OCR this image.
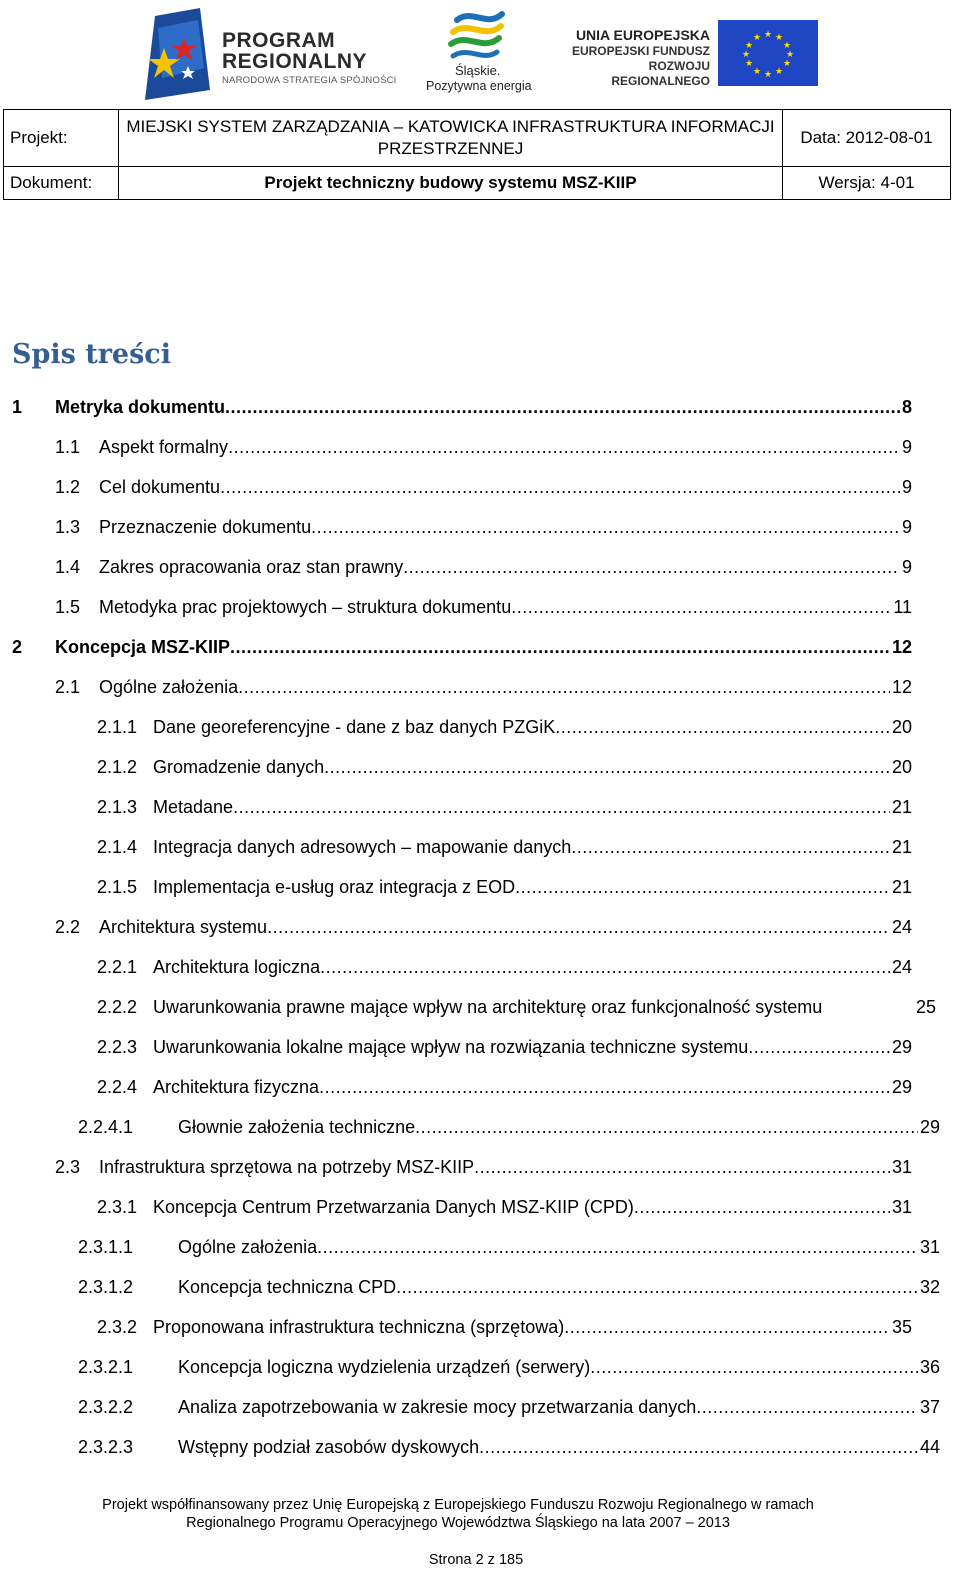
PROGRAM
REGIONALNY
NARODOWA STRATEGIA SPÓJNOŚCI
Śląskie.
Pozytywna energia
UNIA EUROPEJSKA
EUROPEJSKI FUNDUSZ
ROZWOJU REGIONALNEGO
★ ★
★
★
★
★
★
★
★
★
★
★
Projekt:	MIEJSKI SYSTEM ZARZĄDZANIA – KATOWICKA INFRASTRUKTURA INFORMACJI PRZESTRZENNEJ	Data: 2012-08-01
Dokument:	Projekt techniczny budowy systemu MSZ-KIIP	Wersja: 4-01
Spis treści
1 Metryka dokumentu .....	8
1.1 Aspekt formalny .....	9
1.2 Cel dokumentu .....	9
1.3 Przeznaczenie dokumentu .....	9
1.4 Zakres opracowania oraz stan prawny .....	9
1.5 Metodyka prac projektowych – struktura dokumentu .....	11
2 Koncepcja MSZ-KIIP .....	12
2.1 Ogólne założenia .....	12
2.1.1 Dane georeferencyjne - dane z baz danych PZGiK .....	20
2.1.2 Gromadzenie danych .....	20
2.1.3 Metadane .....	21
2.1.4 Integracja danych adresowych – mapowanie danych .....	21
2.1.5 Implementacja e-usług oraz integracja z EOD .....	21
2.2 Architektura systemu .....	24
2.2.1 Architektura logiczna .....	24
2.2.2 Uwarunkowania prawne mające wpływ na architekturę oraz funkcjonalność systemu	25
2.2.3 Uwarunkowania lokalne mające wpływ na rozwiązania techniczne systemu .....	29
2.2.4 Architektura fizyczna .....	29
2.2.4.1 Głownie założenia techniczne .....	29
2.3 Infrastruktura sprzętowa na potrzeby MSZ-KIIP .....	31
2.3.1 Koncepcja Centrum Przetwarzania Danych MSZ-KIIP (CPD) .....	31
2.3.1.1 Ogólne założenia .....	31
2.3.1.2 Koncepcja techniczna CPD .....	32
2.3.2 Proponowana infrastruktura techniczna (sprzętowa) .....	35
2.3.2.1 Koncepcja logiczna wydzielenia urządzeń (serwery) .....	36
2.3.2.2 Analiza zapotrzebowania w zakresie mocy przetwarzania danych .....	37
2.3.2.3 Wstępny podział zasobów dyskowych .....	44
Projekt współfinansowany przez Unię Europejską z Europejskiego Funduszu Rozwoju Regionalnego w ramach
Regionalnego Programu Operacyjnego Województwa Śląskiego na lata 2007 – 2013
Strona 2 z 185
